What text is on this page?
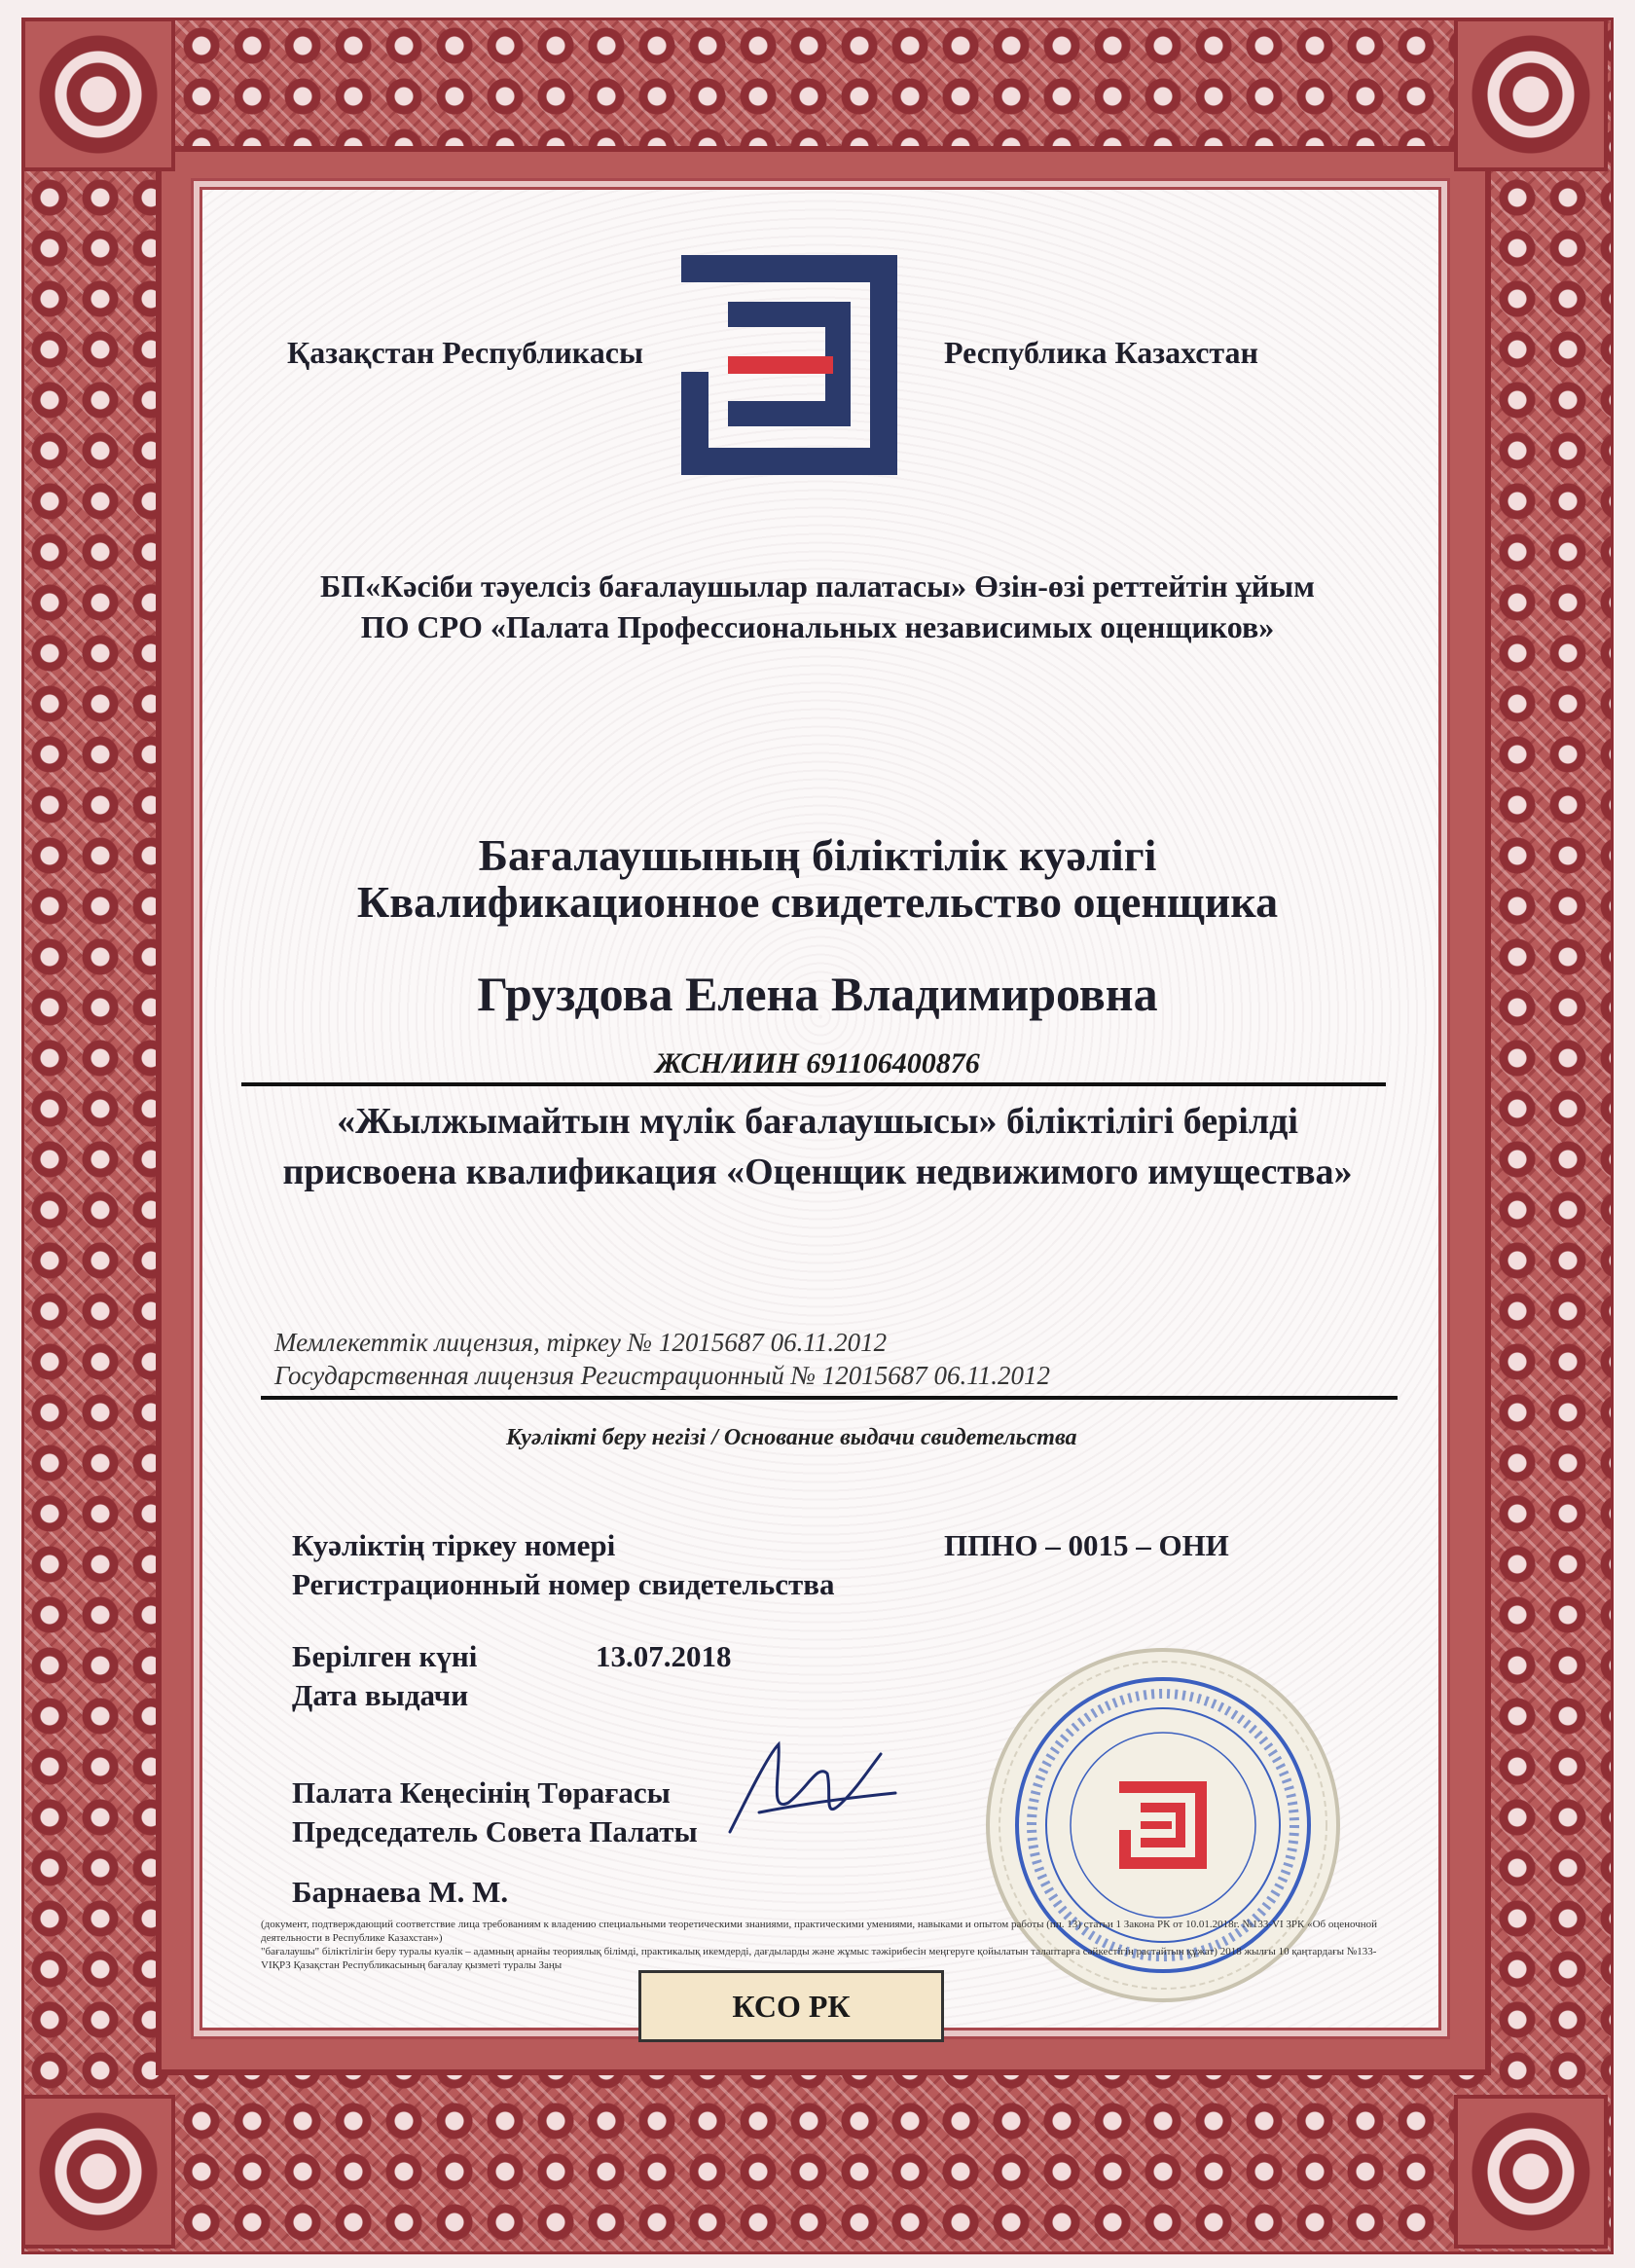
Қазақстан Республикасы	Республика Казахстан
БП«Кәсіби тәуелсіз бағалаушылар палатасы» Өзін-өзі реттейтін ұйым
ПО СРО «Палата Профессиональных независимых оценщиков»
Бағалаушының біліктілік куәлігі
Квалификационное свидетельство оценщика
Груздова Елена Владимировна
ЖСН/ИИН 691106400876
«Жылжымайтын мүлік бағалаушысы» біліктілігі берілді
присвоена квалификация «Оценщик недвижимого имущества»
Мемлекеттік лицензия, тіркеу № 12015687 06.11.2012
Государственная лицензия Регистрационный № 12015687 06.11.2012
Куәлікті беру негізі / Основание выдачи свидетельства
Куәліктің тіркеу номері
Регистрационный номер свидетельства
ППНО – 0015 – ОНИ
Берілген күні
Дата выдачи
13.07.2018
Палата Кеңесінің Төрағасы
Председатель Совета Палаты
Барнаева М. М.
(документ, подтверждающий соответствие лица требованиям к владению специальными теоретическими знаниями, практическими умениями, навыками и опытом работы (пп. 13) статьи 1 Закона РК от 10.01.2018г. №133-VI ЗРК «Об оценочной деятельности в Республике Казахстан»)
"бағалаушы" біліктілігін беру туралы куәлік – адамның арнайы теориялық білімді, практикалық икемдерді, дағдыларды және жұмыс тәжірибесін меңгеруге қойылатын талаптарға сәйкестігін растайтын құжат) 2018 жылғы 10 қаңтардағы №133-VIҚРЗ Қазақстан Республикасының бағалау қызметі туралы Заңы
КСО РК
